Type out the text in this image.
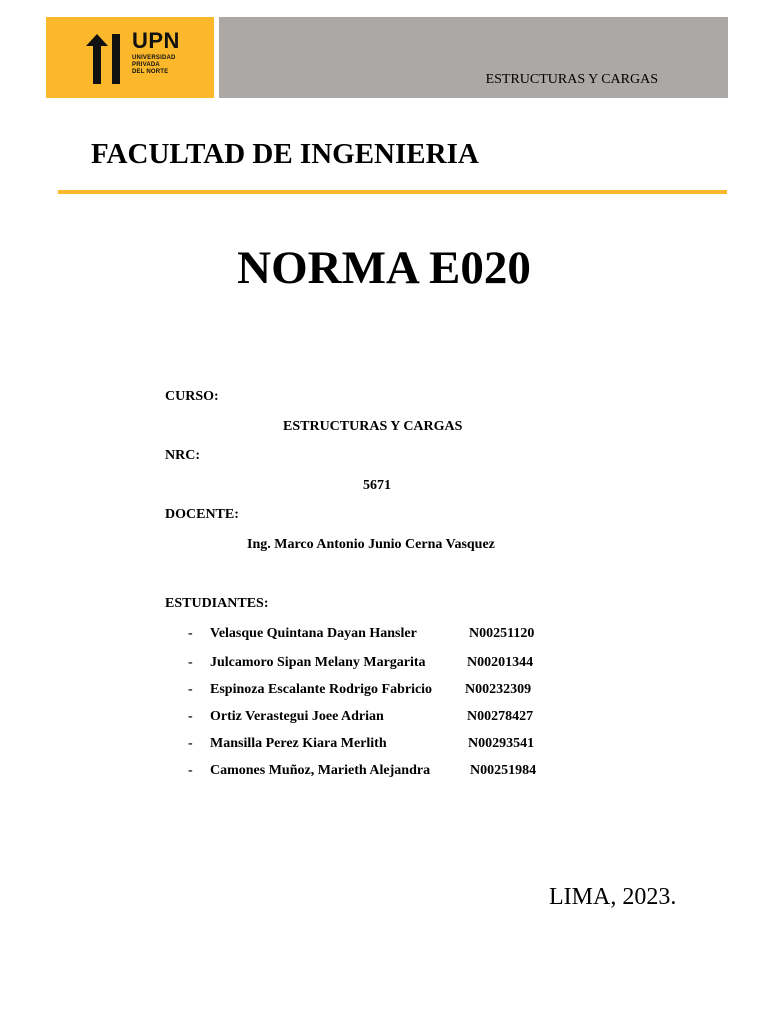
UPN
UNIVERSIDAD
PRIVADA
DEL NORTE	ESTRUCTURAS Y CARGAS
FACULTAD DE INGENIERIA
NORMA E020
CURSO:
ESTRUCTURAS Y CARGAS
NRC:
5671
DOCENTE:
Ing. Marco Antonio Junio Cerna Vasquez
ESTUDIANTES:
- Velasque Quintana Dayan Hansler	N00251120
- Julcamoro Sipan Melany Margarita	N00201344
- Espinoza Escalante Rodrigo Fabricio N00232309
- Ortiz Verastegui Joee Adrian	N00278427
- Mansilla Perez Kiara Merlith	N00293541
- Camones Muñoz, Marieth Alejandra	N00251984
LIMA, 2023.
